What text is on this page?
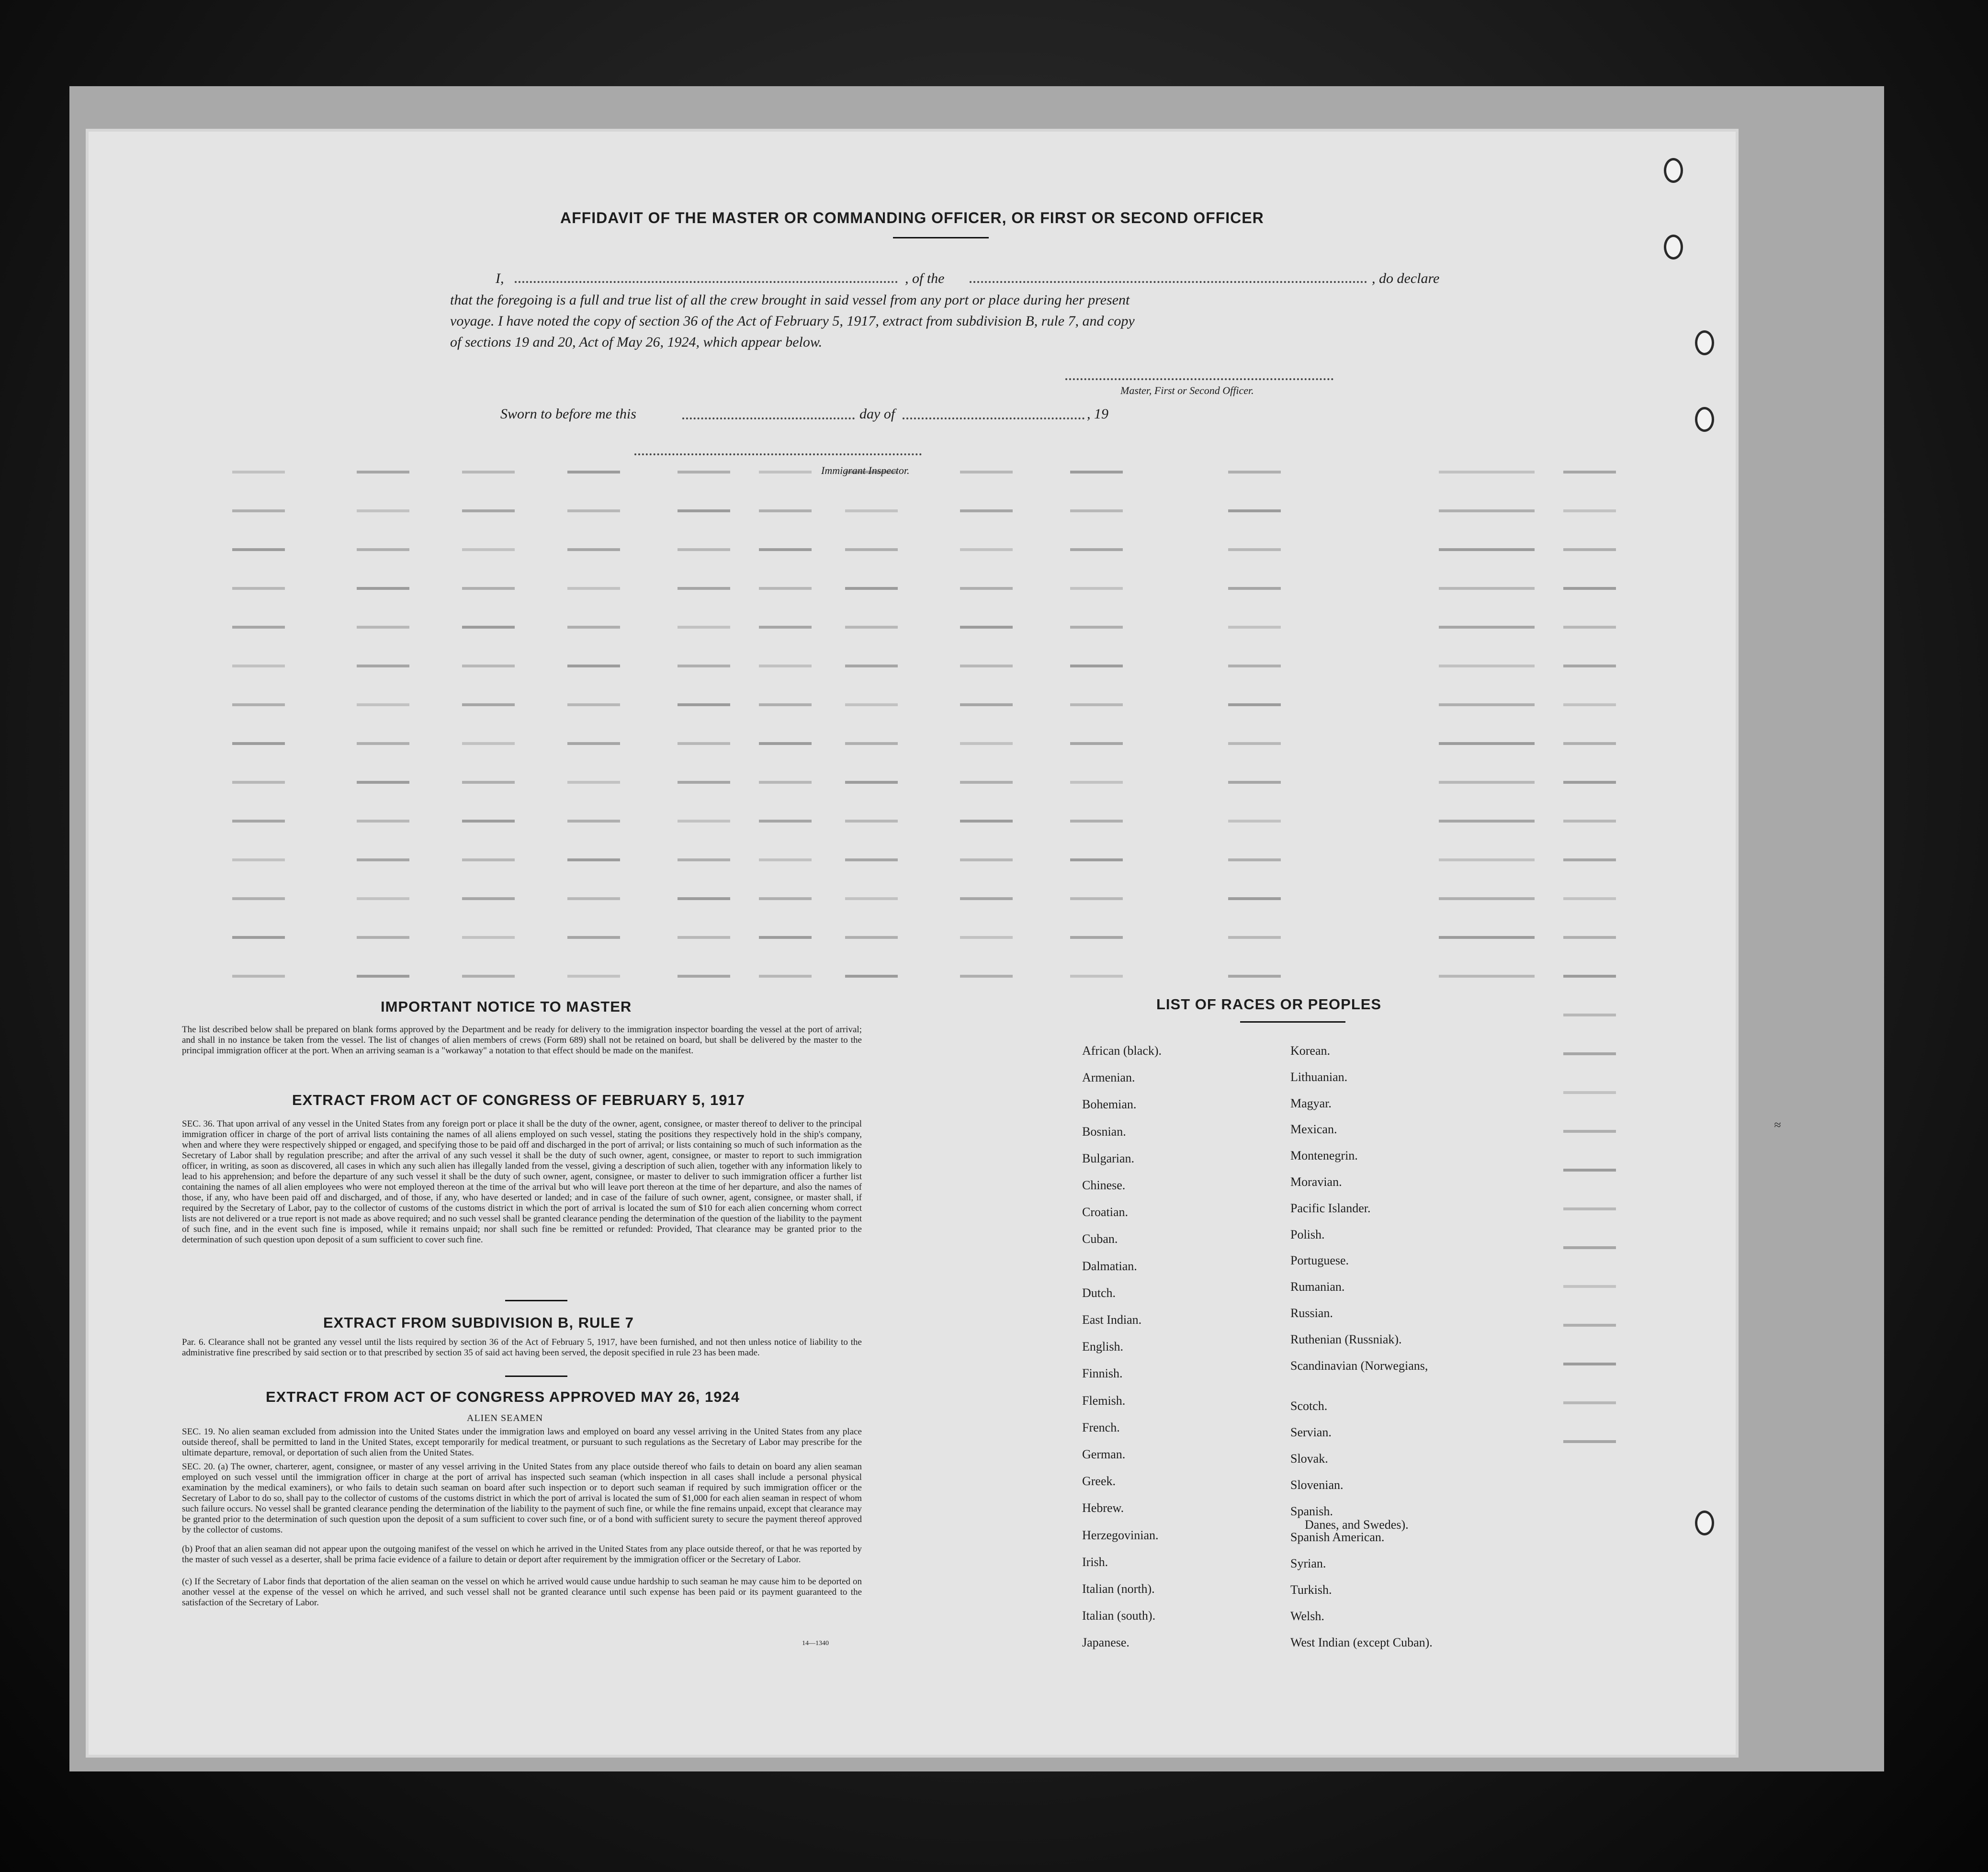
AFFIDAVIT OF THE MASTER OR COMMANDING OFFICER, OR FIRST OR SECOND OFFICER
I,	, of the	, do declare
that the foregoing is a full and true list of all the crew brought in said vessel from any port or place during her present
voyage. I have noted the copy of section 36 of the Act of February 5, 1917, extract from subdivision B, rule 7, and copy
of sections 19 and 20, Act of May 26, 1924, which appear below.
Master, First or Second Officer.
Sworn to before me this	day of	, 19
Immigrant Inspector.
IMPORTANT NOTICE TO MASTER
The list described below shall be prepared on blank forms approved by the Department and be ready for delivery to the immigration inspector boarding the vessel at the port of arrival; and shall in no instance be taken from the vessel. The list of changes of alien members of crews (Form 689) shall not be retained on board, but shall be delivered by the master to the principal immigration officer at the port. When an arriving seaman is a "workaway" a notation to that effect should be made on the manifest.
EXTRACT FROM ACT OF CONGRESS OF FEBRUARY 5, 1917
SEC. 36. That upon arrival of any vessel in the United States from any foreign port or place it shall be the duty of the owner, agent, consignee, or master thereof to deliver to the principal immigration officer in charge of the port of arrival lists containing the names of all aliens employed on such vessel, stating the positions they respectively hold in the ship's company, when and where they were respectively shipped or engaged, and specifying those to be paid off and discharged in the port of arrival; or lists containing so much of such information as the Secretary of Labor shall by regulation prescribe; and after the arrival of any such vessel it shall be the duty of such owner, agent, consignee, or master to report to such immigration officer, in writing, as soon as discovered, all cases in which any such alien has illegally landed from the vessel, giving a description of such alien, together with any information likely to lead to his apprehension; and before the departure of any such vessel it shall be the duty of such owner, agent, consignee, or master to deliver to such immigration officer a further list containing the names of all alien employees who were not employed thereon at the time of the arrival but who will leave port thereon at the time of her departure, and also the names of those, if any, who have been paid off and discharged, and of those, if any, who have deserted or landed; and in case of the failure of such owner, agent, consignee, or master shall, if required by the Secretary of Labor, pay to the collector of customs of the customs district in which the port of arrival is located the sum of $10 for each alien concerning whom correct lists are not delivered or a true report is not made as above required; and no such vessel shall be granted clearance pending the determination of the question of the liability to the payment of such fine, and in the event such fine is imposed, while it remains unpaid; nor shall such fine be remitted or refunded: Provided, That clearance may be granted prior to the determination of such question upon deposit of a sum sufficient to cover such fine.
EXTRACT FROM SUBDIVISION B, RULE 7
Par. 6. Clearance shall not be granted any vessel until the lists required by section 36 of the Act of February 5, 1917, have been furnished, and not then unless notice of liability to the administrative fine prescribed by said section or to that prescribed by section 35 of said act having been served, the deposit specified in rule 23 has been made.
EXTRACT FROM ACT OF CONGRESS APPROVED MAY 26, 1924
ALIEN SEAMEN
SEC. 19. No alien seaman excluded from admission into the United States under the immigration laws and employed on board any vessel arriving in the United States from any place outside thereof, shall be permitted to land in the United States, except temporarily for medical treatment, or pursuant to such regulations as the Secretary of Labor may prescribe for the ultimate departure, removal, or deportation of such alien from the United States.
SEC. 20. (a) The owner, charterer, agent, consignee, or master of any vessel arriving in the United States from any place outside thereof who fails to detain on board any alien seaman employed on such vessel until the immigration officer in charge at the port of arrival has inspected such seaman (which inspection in all cases shall include a personal physical examination by the medical examiners), or who fails to detain such seaman on board after such inspection or to deport such seaman if required by such immigration officer or the Secretary of Labor to do so, shall pay to the collector of customs of the customs district in which the port of arrival is located the sum of $1,000 for each alien seaman in respect of whom such failure occurs. No vessel shall be granted clearance pending the determination of the liability to the payment of such fine, or while the fine remains unpaid, except that clearance may be granted prior to the determination of such question upon the deposit of a sum sufficient to cover such fine, or of a bond with sufficient surety to secure the payment thereof approved by the collector of customs.
(b) Proof that an alien seaman did not appear upon the outgoing manifest of the vessel on which he arrived in the United States from any place outside thereof, or that he was reported by the master of such vessel as a deserter, shall be prima facie evidence of a failure to detain or deport after requirement by the immigration officer or the Secretary of Labor.
(c) If the Secretary of Labor finds that deportation of the alien seaman on the vessel on which he arrived would cause undue hardship to such seaman he may cause him to be deported on another vessel at the expense of the vessel on which he arrived, and such vessel shall not be granted clearance until such expense has been paid or its payment guaranteed to the satisfaction of the Secretary of Labor.
14—1340
LIST OF RACES OR PEOPLES
African (black).
Armenian.
Bohemian.
Bosnian.
Bulgarian.
Chinese.
Croatian.
Cuban.
Dalmatian.
Dutch.
East Indian.
English.
Finnish.
Flemish.
French.
German.
Greek.
Hebrew.
Herzegovinian.
Irish.
Italian (north).
Italian (south).
Japanese.
Korean.
Lithuanian.
Magyar.
Mexican.
Montenegrin.
Moravian.
Pacific Islander.
Polish.
Portuguese.
Rumanian.
Russian.
Ruthenian (Russniak).
Scandinavian (Norwegians,
Scotch.
Servian.
Slovak.
Slovenian.
Spanish.
Spanish American.
Syrian.
Turkish.
Welsh.
West Indian (except Cuban).
Danes, and Swedes).
≈
